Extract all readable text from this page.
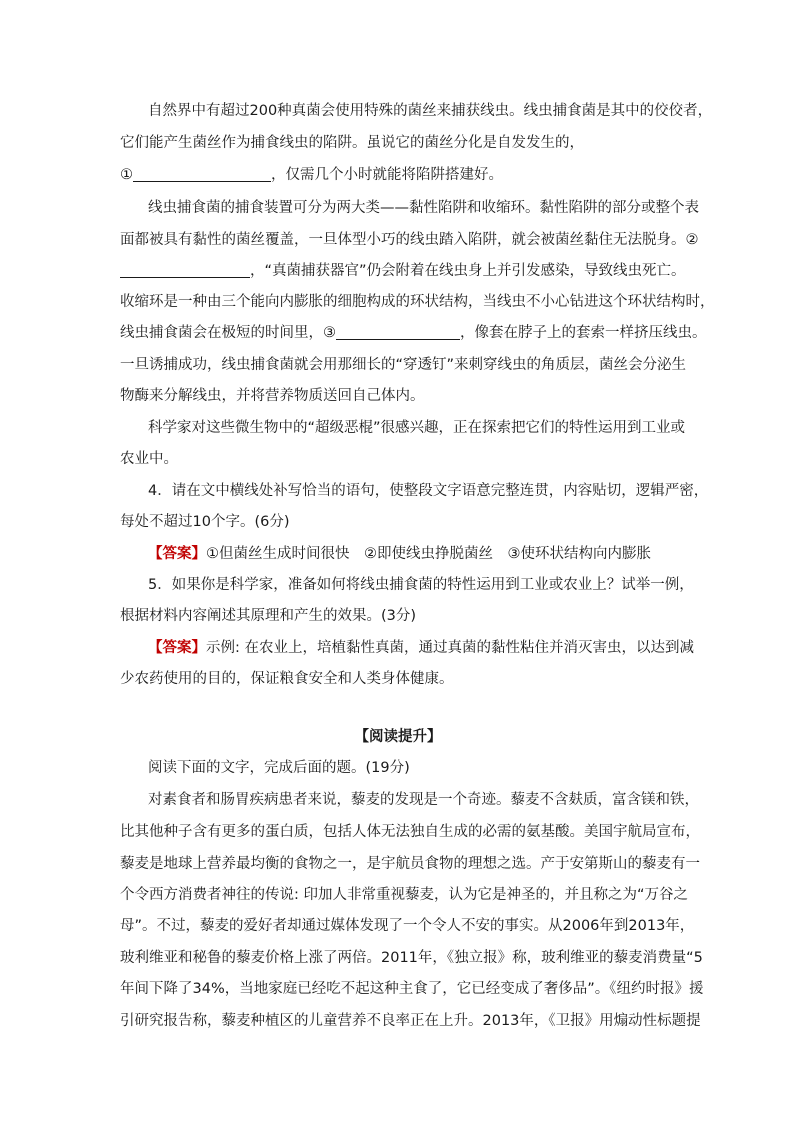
自然界中有超过200种真菌会使用特殊的菌丝来捕获线虫。线虫捕食菌是其中的佼佼者，
它们能产生菌丝作为捕食线虫的陷阱。虽说它的菌丝分化是自发发生的，
①	，仅需几个小时就能将陷阱搭建好。
线虫捕食菌的捕食装置可分为两大类——黏性陷阱和收缩环。黏性陷阱的部分或整个表
面都被具有黏性的菌丝覆盖，一旦体型小巧的线虫踏入陷阱，就会被菌丝黏住无法脱身。②
，“真菌捕获器官”仍会附着在线虫身上并引发感染，导致线虫死亡。
收缩环是一种由三个能向内膨胀的细胞构成的环状结构，当线虫不小心钻进这个环状结构时，
线虫捕食菌会在极短的时间里，③	，像套在脖子上的套索一样挤压线虫。
一旦诱捕成功，线虫捕食菌就会用那细长的“穿透钉”来刺穿线虫的角质层，菌丝会分泌生
物酶来分解线虫，并将营养物质送回自己体内。
科学家对这些微生物中的“超级恶棍”很感兴趣，正在探索把它们的特性运用到工业或
农业中。
4．请在文中横线处补写恰当的语句，使整段文字语意完整连贯，内容贴切，逻辑严密，
每处不超过10个字。(6分)
【答案】①但菌丝生成时间很快　②即使线虫挣脱菌丝　③使环状结构向内膨胀
5．如果你是科学家，准备如何将线虫捕食菌的特性运用到工业或农业上？试举一例，
根据材料内容阐述其原理和产生的效果。(3分)
【答案】示例: 在农业上，培植黏性真菌，通过真菌的黏性粘住并消灭害虫，以达到减
少农药使用的目的，保证粮食安全和人类身体健康。
【阅读提升】
阅读下面的文字，完成后面的题。(19分)
对素食者和肠胃疾病患者来说，藜麦的发现是一个奇迹。藜麦不含麸质，富含镁和铁，
比其他种子含有更多的蛋白质，包括人体无法独自生成的必需的氨基酸。美国宇航局宣布，
藜麦是地球上营养最均衡的食物之一，是宇航员食物的理想之选。产于安第斯山的藜麦有一
个令西方消费者神往的传说: 印加人非常重视藜麦，认为它是神圣的，并且称之为“万谷之
母”。不过，藜麦的爱好者却通过媒体发现了一个令人不安的事实。从2006年到2013年，
玻利维亚和秘鲁的藜麦价格上涨了两倍。2011年，《独立报》称，玻利维亚的藜麦消费量“5
年间下降了34%，当地家庭已经吃不起这种主食了，它已经变成了奢侈品”。《纽约时报》援
引研究报告称，藜麦种植区的儿童营养不良率正在上升。2013年，《卫报》用煽动性标题提
